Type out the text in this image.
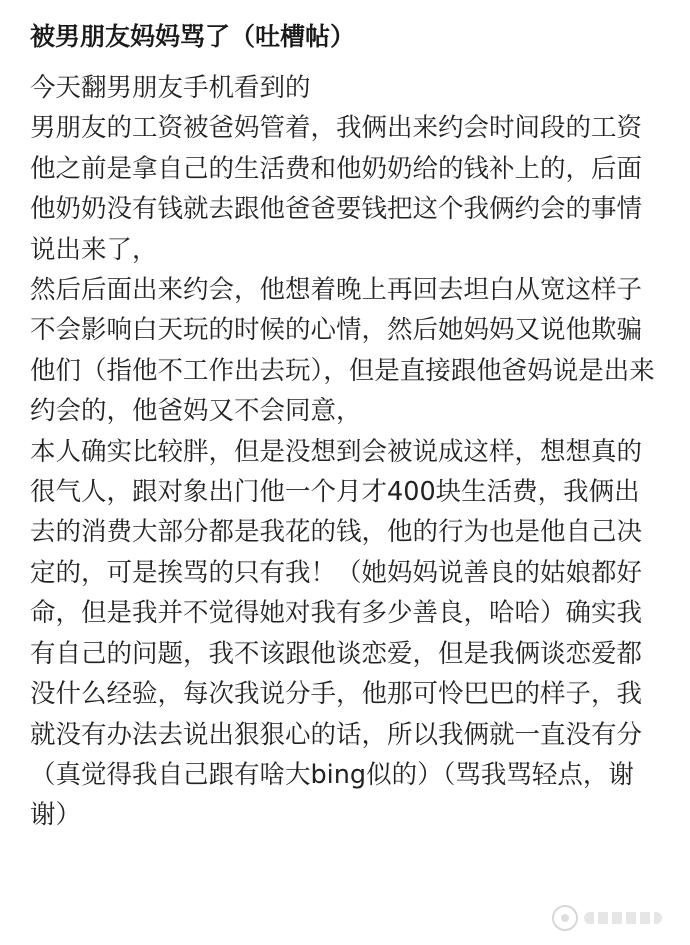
被男朋友妈妈骂了（吐槽帖）

今天翻男朋友手机看到的

男朋友的工资被爸妈管着，我俩出来约会时间段的工资他之前是拿自己的生活费和他奶奶给的钱补上的，后面他奶奶没有钱就去跟他爸爸要钱把这个我俩约会的事情说出来了，

然后后面出来约会，他想着晚上再回去坦白从宽这样子不会影响白天玩的时候的心情，然后她妈妈又说他欺骗他们（指他不工作出去玩），但是直接跟他爸妈说是出来约会的，他爸妈又不会同意，

本人确实比较胖，但是没想到会被说成这样，想想真的很气人，跟对象出门他一个月才400块生活费，我俩出去的消费大部分都是我花的钱，他的行为也是他自己决定的，可是挨骂的只有我！（她妈妈说善良的姑娘都好命，但是我并不觉得她对我有多少善良，哈哈）确实我有自己的问题，我不该跟他谈恋爱，但是我俩谈恋爱都没什么经验，每次我说分手，他那可怜巴巴的样子，我就没有办法去说出狠狠心的话，所以我俩就一直没有分（真觉得我自己跟有啥大bing似的）（骂我骂轻点，谢谢）
